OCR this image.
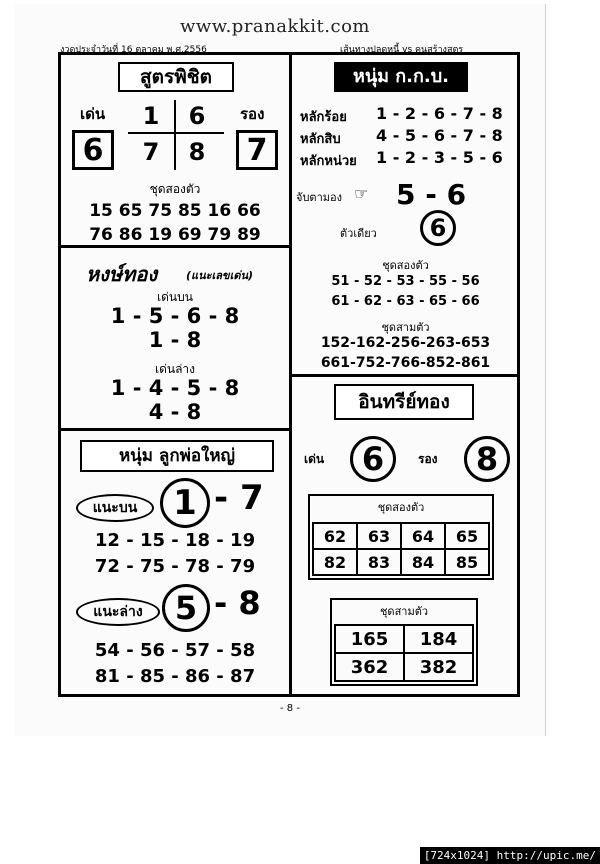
www.pranakkit.com
งวดประจำวันที่ 16 ตุลาคม พ.ศ.2556	เส้นทางปลดหนี้ vs คนสร้างสูตร
สูตรพิชิต
เด่น	รอง
6	7
1 6
7 8
ชุดสองตัว
15 65 75 85 16 66
76 86 19 69 79 89
หงษ์ทอง	(แนะเลขเด่น)
เด่นบน
1 - 5 - 6 - 8
1 - 8
เด่นล่าง
1 - 4 - 5 - 8
4 - 8
หนุ่ม ลูกพ่อใหญ่
แนะบน	1 - 7
12 - 15 - 18 - 19
72 - 75 - 78 - 79
แนะล่าง	5 - 8
54 - 56 - 57 - 58
81 - 85 - 86 - 87
หนุ่ม ก.ก.บ.
หลักร้อย 1 - 2 - 6 - 7 - 8
หลักสิบ 4 - 5 - 6 - 7 - 8
หลักหน่วย 1 - 2 - 3 - 5 - 6
จับตามอง ☞ 5 - 6
ตัวเดียว	6
ชุดสองตัว
51 - 52 - 53 - 55 - 56
61 - 62 - 63 - 65 - 66
ชุดสามตัว
152-162-256-263-653
661-752-766-852-861
อินทรีย์ทอง
เด่น	6	รอง	8
ชุดสองตัว
62	63	64	65
82	83	84	85
ชุดสามตัว
165	184
362	382
- 8 -
[724x1024] http://upic.me/
